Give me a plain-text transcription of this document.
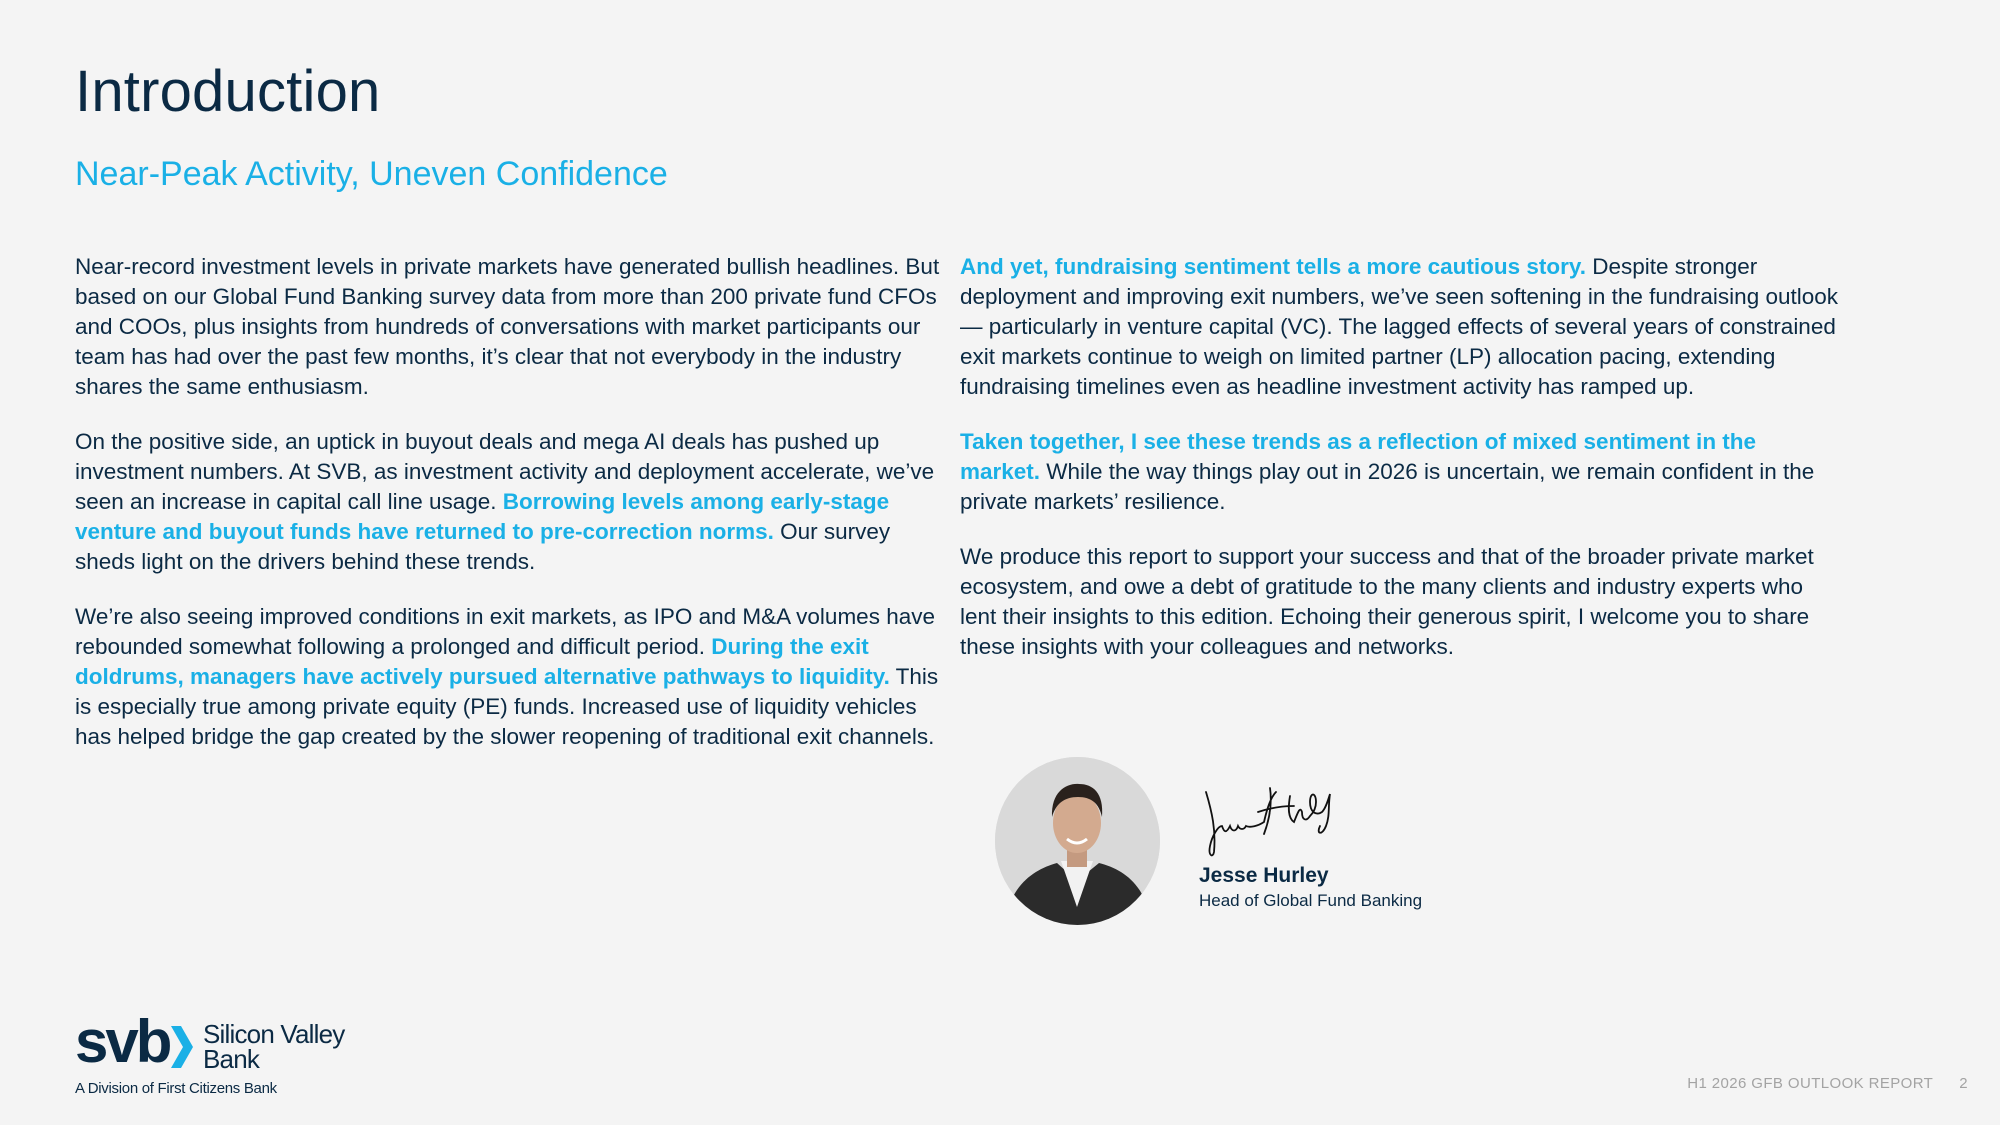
Introduction
Near-Peak Activity, Uneven Confidence

Near-record investment levels in private markets have generated bullish headlines. But based on our Global Fund Banking survey data from more than 200 private fund CFOs and COOs, plus insights from hundreds of conversations with market participants our team has had over the past few months, it’s clear that not everybody in the industry shares the same enthusiasm.

On the positive side, an uptick in buyout deals and mega AI deals has pushed up investment numbers. At SVB, as investment activity and deployment accelerate, we’ve seen an increase in capital call line usage. Borrowing levels among early-stage venture and buyout funds have returned to pre-correction norms. Our survey sheds light on the drivers behind these trends.

We’re also seeing improved conditions in exit markets, as IPO and M&A volumes have rebounded somewhat following a prolonged and difficult period. During the exit doldrums, managers have actively pursued alternative pathways to liquidity. This is especially true among private equity (PE) funds. Increased use of liquidity vehicles has helped bridge the gap created by the slower reopening of traditional exit channels.

And yet, fundraising sentiment tells a more cautious story. Despite stronger deployment and improving exit numbers, we’ve seen softening in the fundraising outlook — particularly in venture capital (VC). The lagged effects of several years of constrained exit markets continue to weigh on limited partner (LP) allocation pacing, extending fundraising timelines even as headline investment activity has ramped up.

Taken together, I see these trends as a reflection of mixed sentiment in the market. While the way things play out in 2026 is uncertain, we remain confident in the private markets’ resilience.

We produce this report to support your success and that of the broader private market ecosystem, and owe a debt of gratitude to the many clients and industry experts who lent their insights to this edition. Echoing their generous spirit, I welcome you to share these insights with your colleagues and networks.

Jesse Hurley
Head of Global Fund Banking
svb Silicon Valley
Bank
A Division of First Citizens Bank	H1 2026 GFB OUTLOOK REPORT 2
